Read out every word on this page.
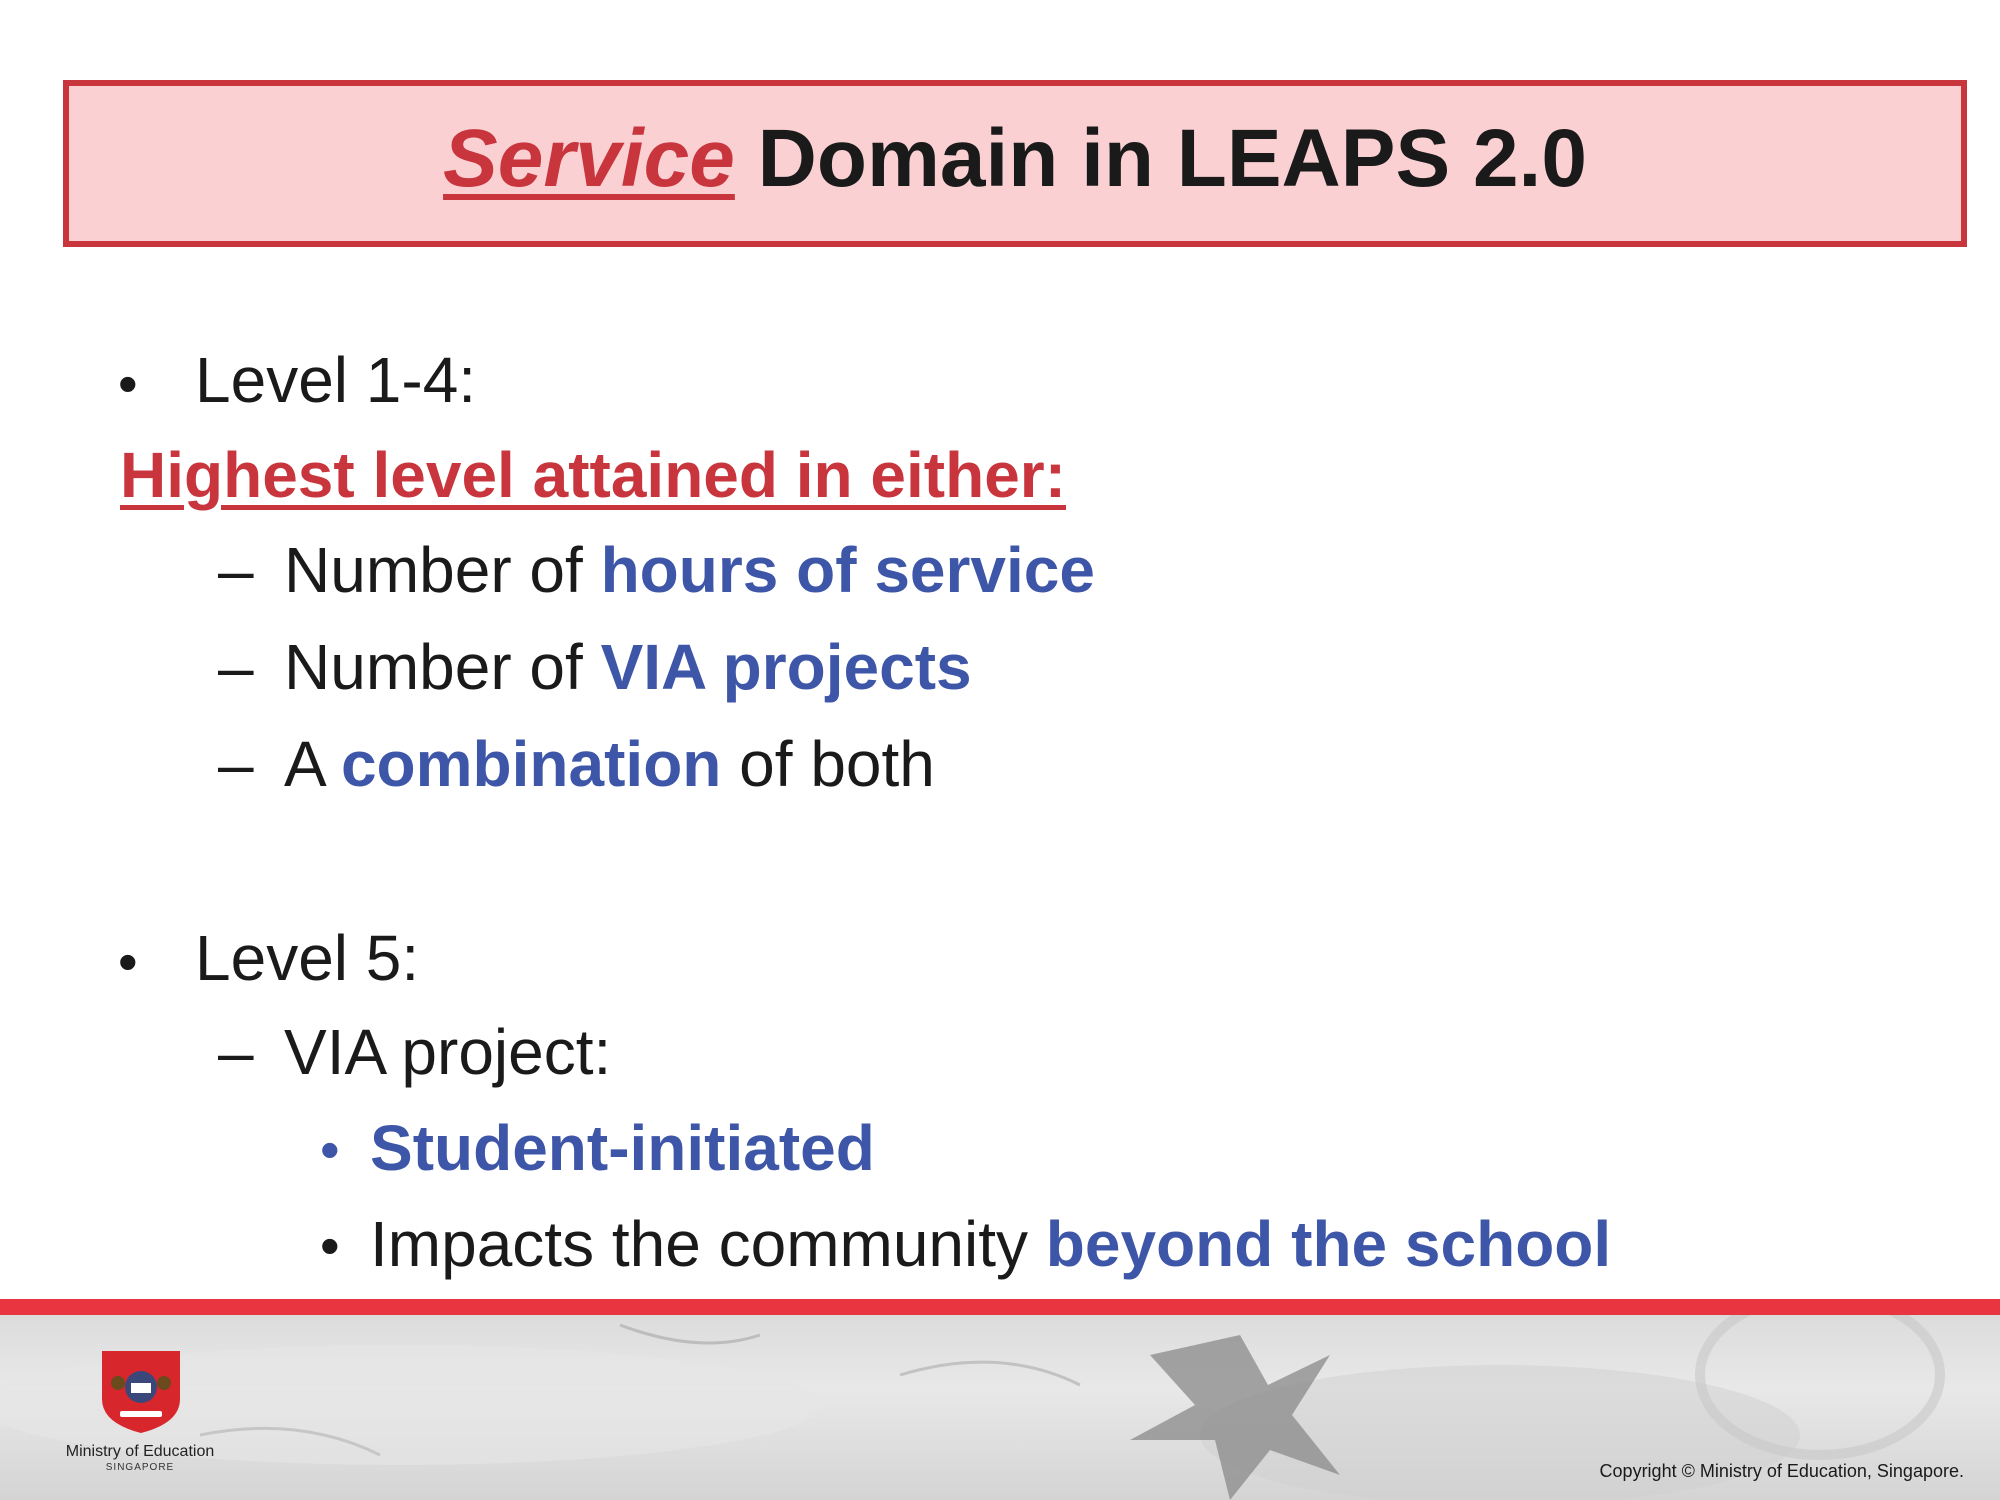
Service Domain in LEAPS 2.0
• Level 1-4:
Highest level attained in either:
– Number of hours of service
– Number of VIA projects
– A combination of both
• Level 5:
– VIA project:
• Student-initiated
• Impacts the community beyond the school
Ministry of Education
SINGAPORE	Copyright © Ministry of Education, Singapore.
